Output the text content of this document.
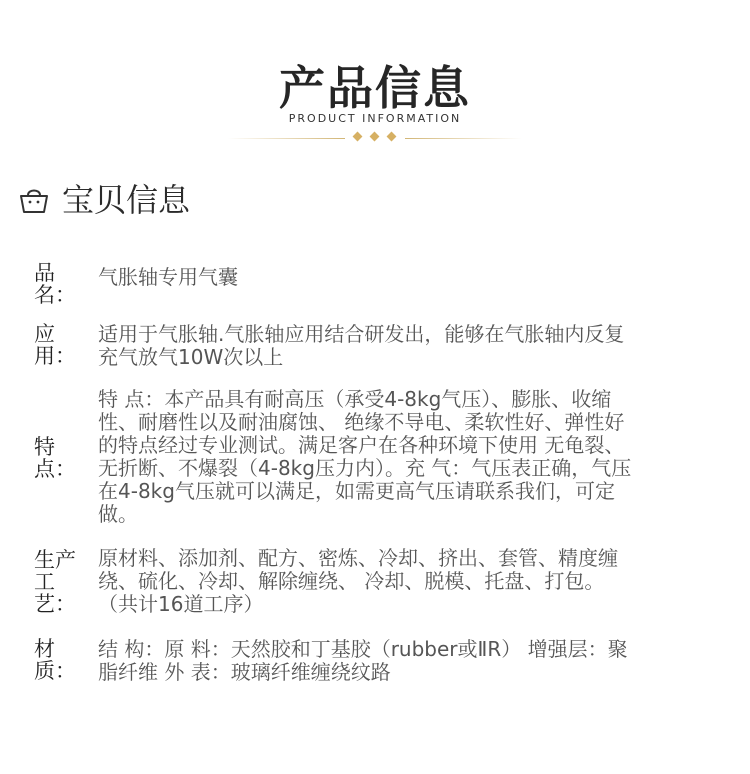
产品信息
PRODUCT INFORMATION
宝贝信息
品
名：
气胀轴专用气囊
应
用：
适用于气胀轴.气胀轴应用结合研发出，能够在气胀轴内反复
充气放气10W次以上
特
点：
特 点：本产品具有耐高压（承受4-8kg气压）、膨胀、收缩
性、耐磨性以及耐油腐蚀、 绝缘不导电、柔软性好、弹性好
的特点经过专业测试。满足客户在各种环境下使用 无龟裂、
无折断、不爆裂（4-8kg压力内）。充 气：气压表正确，气压
在4-8kg气压就可以满足，如需更高气压请联系我们，可定
做。
生产
工
艺：
原材料、添加剂、配方、密炼、冷却、挤出、套管、精度缠
绕、硫化、冷却、解除缠绕、 冷却、脱模、托盘、打包。
（共计16道工序）
材
质：
结 构：原 料：天然胶和丁基胶（rubber或ⅡR） 增强层：聚
脂纤维 外 表：玻璃纤维缠绕纹路
